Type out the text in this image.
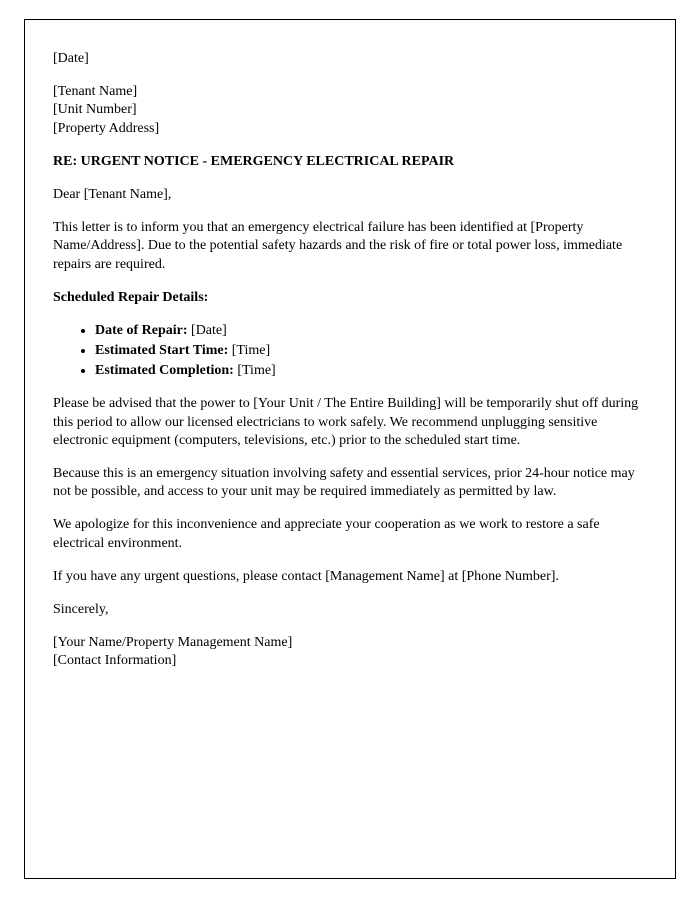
[Date]

[Tenant Name]

[Unit Number]

[Property Address]

RE: URGENT NOTICE - EMERGENCY ELECTRICAL REPAIR

Dear [Tenant Name],

This letter is to inform you that an emergency electrical failure has been identified at [Property Name/Address]. Due to the potential safety hazards and the risk of fire or total power loss, immediate repairs are required.

Scheduled Repair Details:

• Date of Repair: [Date]
• Estimated Start Time: [Time]
• Estimated Completion: [Time]

Please be advised that the power to [Your Unit / The Entire Building] will be temporarily shut off during this period to allow our licensed electricians to work safely. We recommend unplugging sensitive electronic equipment (computers, televisions, etc.) prior to the scheduled start time.

Because this is an emergency situation involving safety and essential services, prior 24-hour notice may not be possible, and access to your unit may be required immediately as permitted by law.

We apologize for this inconvenience and appreciate your cooperation as we work to restore a safe electrical environment.

If you have any urgent questions, please contact [Management Name] at [Phone Number].

Sincerely,

[Your Name/Property Management Name]

[Contact Information]
